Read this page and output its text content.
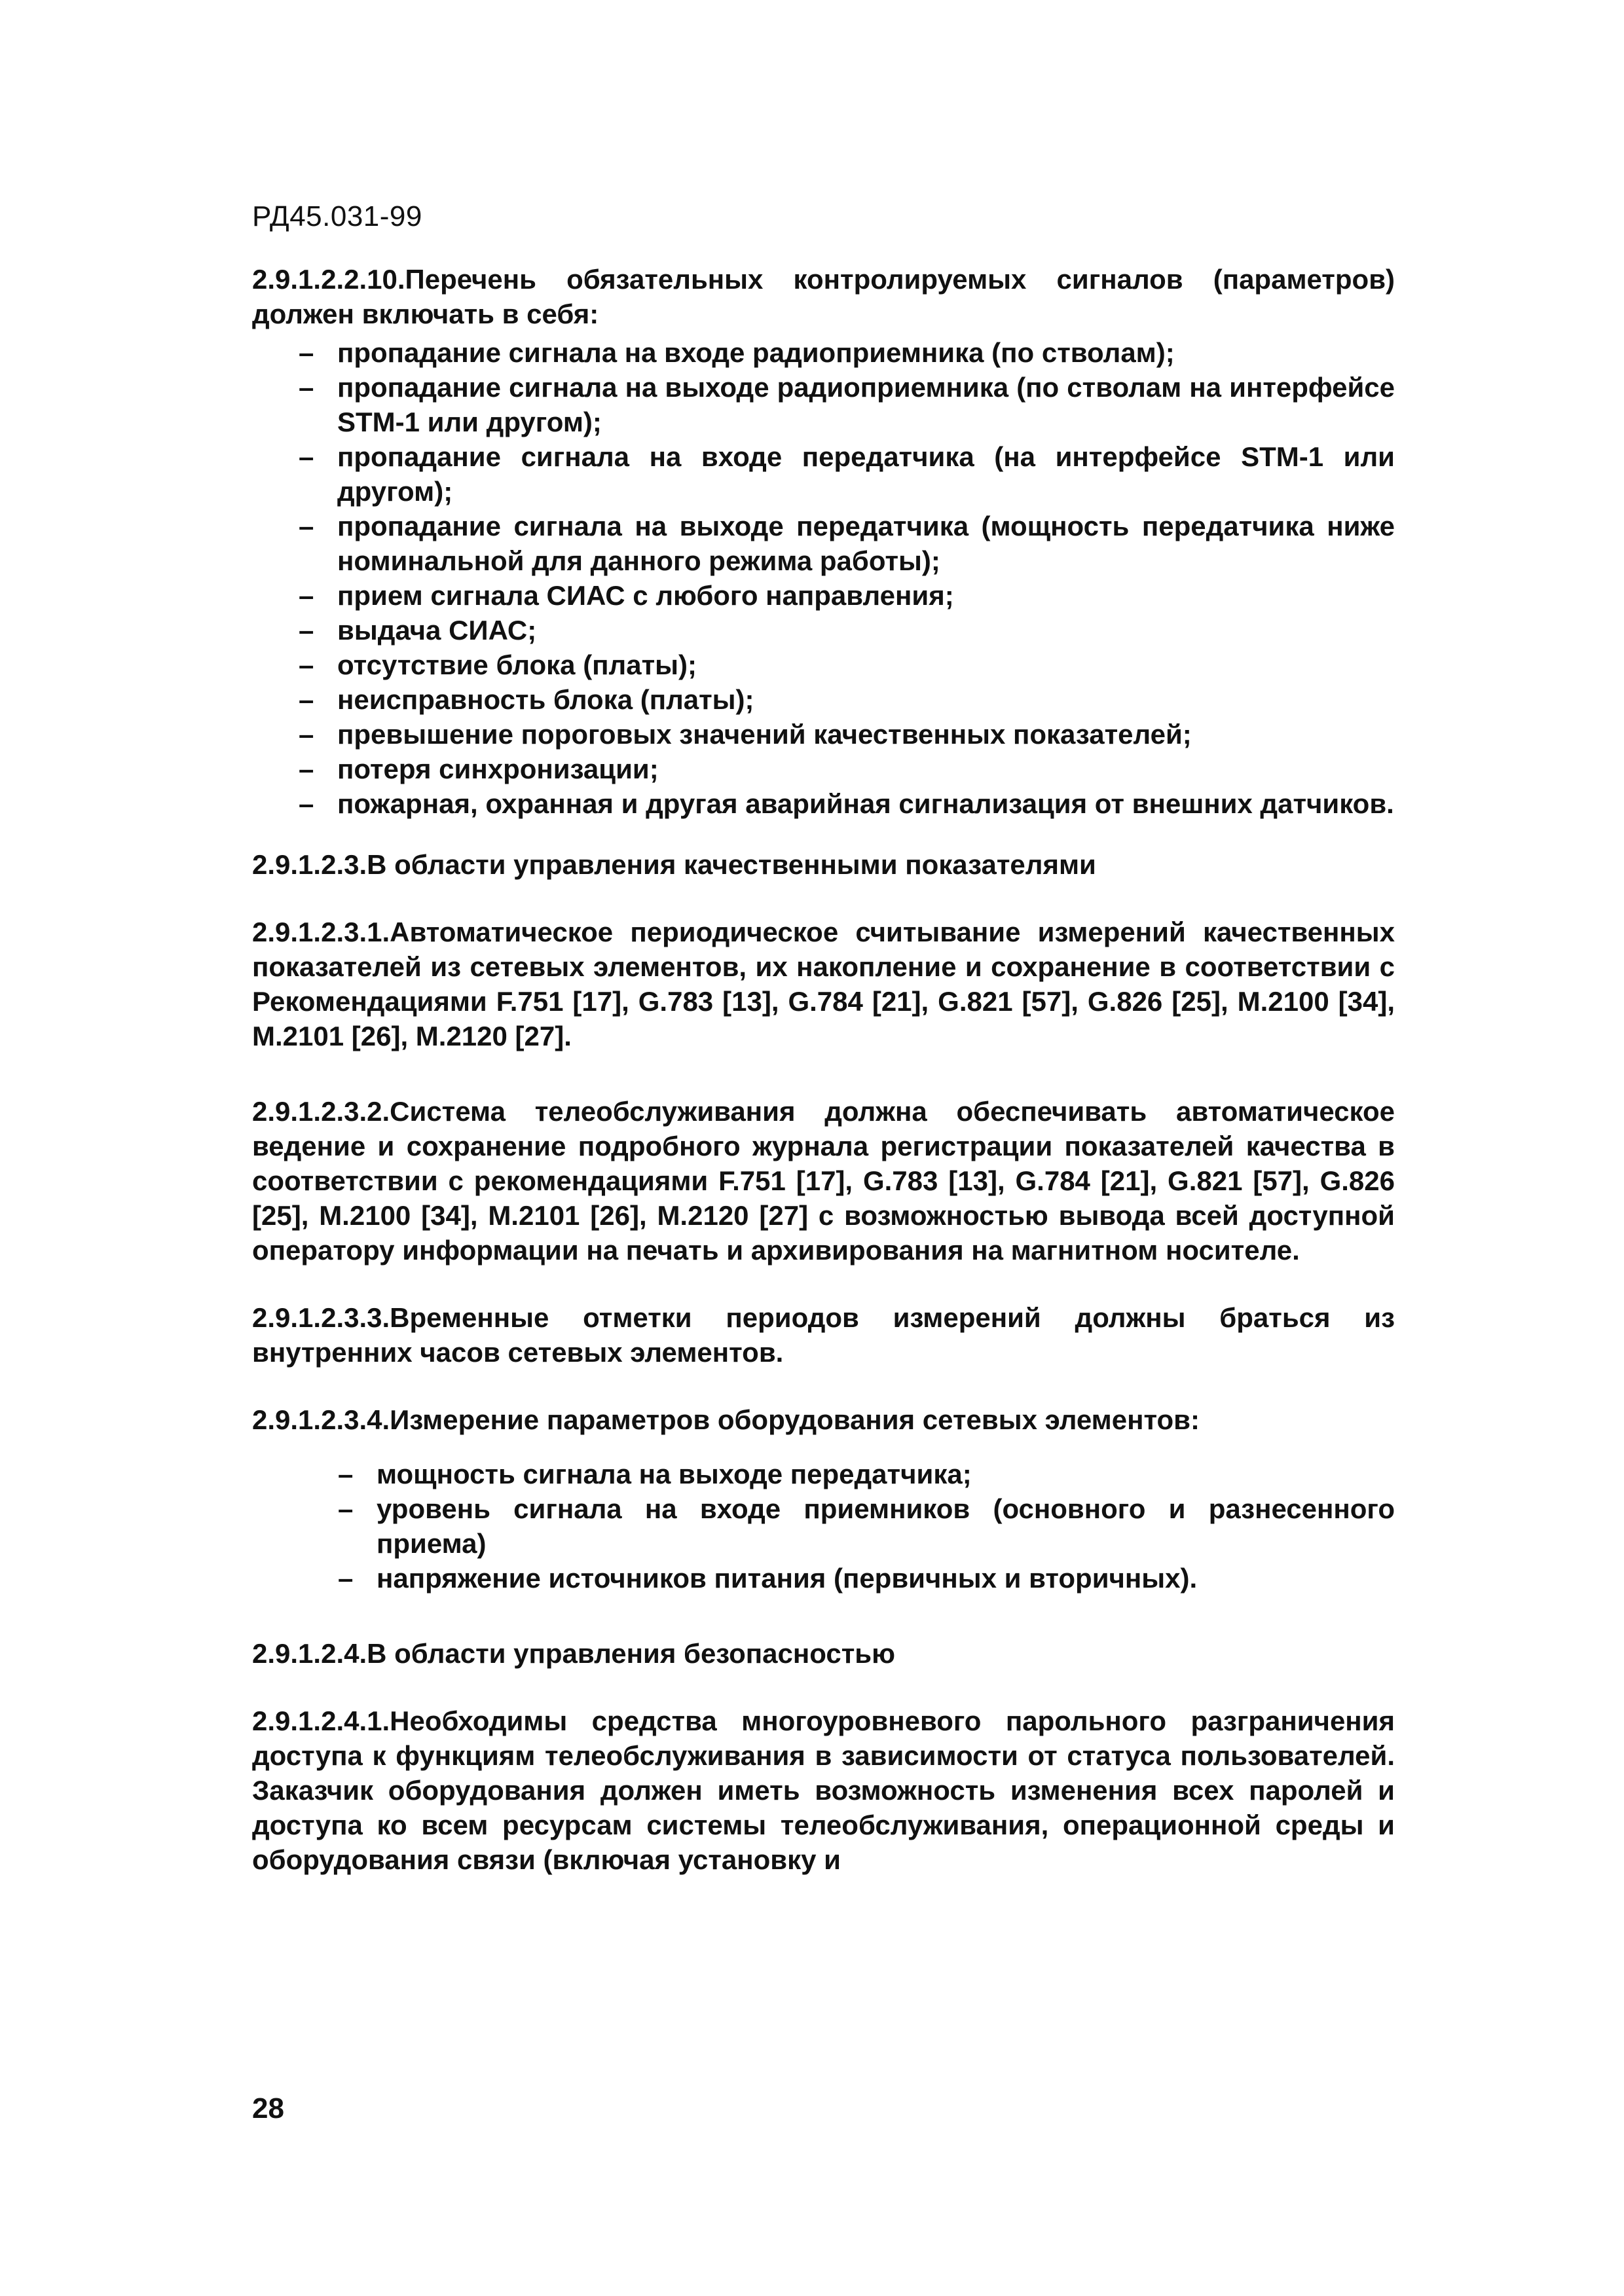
РД45.031-99

2.9.1.2.2.10.Перечень обязательных контролируемых сигналов (параметров) должен включать в себя:

– пропадание сигнала на входе радиоприемника (по стволам);
– пропадание сигнала на выходе радиоприемника (по стволам на интерфейсе STM-1 или другом);
– пропадание сигнала на входе передатчика (на интерфейсе STM-1 или другом);
– пропадание сигнала на выходе передатчика (мощность передатчика ниже номинальной для данного режима работы);
– прием сигнала СИАС с любого направления;
– выдача СИАС;
– отсутствие блока (платы);
– неисправность блока (платы);
– превышение пороговых значений качественных показателей;
– потеря синхронизации;
– пожарная, охранная и другая аварийная сигнализация от внешних датчиков.

2.9.1.2.3.В области управления качественными показателями

2.9.1.2.3.1.Автоматическое периодическое считывание измерений качественных показателей из сетевых элементов, их накопление и сохранение в соответствии с Рекомендациями F.751 [17], G.783 [13], G.784 [21], G.821 [57], G.826 [25], M.2100 [34], M.2101 [26], M.2120 [27].

2.9.1.2.3.2.Система телеобслуживания должна обеспечивать автоматическое ведение и сохранение подробного журнала регистрации показателей качества в соответствии с рекомендациями F.751 [17], G.783 [13], G.784 [21], G.821 [57], G.826 [25], M.2100 [34], M.2101 [26], M.2120 [27] с возможностью вывода всей доступной оператору информации на печать и архивирования на магнитном носителе.

2.9.1.2.3.3.Временные отметки периодов измерений должны браться из внутренних часов сетевых элементов.

2.9.1.2.3.4.Измерение параметров оборудования сетевых элементов:

– мощность сигнала на выходе передатчика;
– уровень сигнала на входе приемников (основного и разнесенного приема)
– напряжение источников питания (первичных и вторичных).

2.9.1.2.4.В области управления безопасностью

2.9.1.2.4.1.Необходимы средства многоуровневого парольного разграничения доступа к функциям телеобслуживания в зависимости от статуса пользователей. Заказчик оборудования должен иметь возможность изменения всех паролей и доступа ко всем ресурсам системы телеобслуживания, операционной среды и оборудования связи (включая установку и

28
